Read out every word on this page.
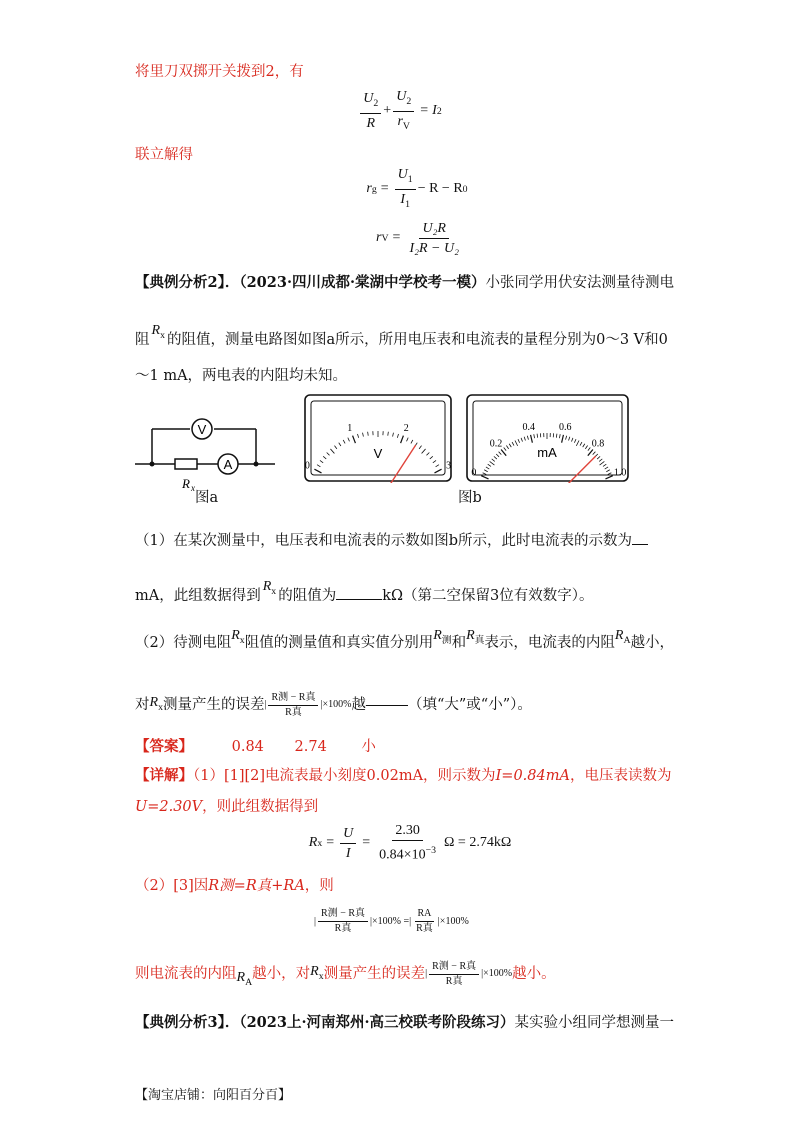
将里刀双掷开关拨到2，有
$\frac{U_2}{R} + \frac{U_2}{r_V} = I$ 2
联立解得
r $g = \frac{U_1}{I_1} - R - R$ 0
r $V = \frac{\text{U₂R}}{\text{I₂R − U₂}}$
【典例分析2】．（2023·四川成都·棠湖中学校考一模）小张同学用伏安法测量待测电
阻$R_x$ 的阻值，测量电路图如图a所示，所用电压表和电流表的量程分别为0～3 V和0
～1 mA，两电表的内阻均未知。
V
A
R x
图a
0
1	2
3
V
0
0.2
0.4 0.6
0.8
1.0
mA
图b
（1）在某次测量中，电压表和电流表的示数如图b所示，此时电流表的示数为
mA，此组数据得到$R_x$ 的阻值为	kΩ（第二空保留3位有效数字）。
（2）待测电阻$R_x$阻值的测量值和真实值分别用$R_测$和$R_真$表示，电流表的内阻$R_A$越小，
对 $R_x$ 测量产生的误差 | $\frac{\text{R测 − R真}}{\text{R真}} |\times 100\%$ 越	（填“大”或“小”）。
【答案】	0.84 2.74 小
【详解】（1）[1][2]电流表最小刻度0.02mA，则示数为I=0.84mA，电压表读数为
U=2.30V，则此组数据得到
R $x = \frac{U}{I} = \frac{2.30}{0.84\times 10^{-3}}$ Ω = 2.74kΩ
（2）[3]因R测=R真+RA，则
| $\frac{\text{R测 − R真}}{\text{R真}} |\times 100\%$ =| $\frac{RA}{\text{R真}} |\times 100\%$
则电流表的内阻 $R_A$ 越小，对 $R_x$ 测量产生的误差 | $\frac{\text{R测 − R真}}{\text{R真}} |\times 100\%$ 越小。
【典例分析3】．（2023上·河南郑州·高三校联考阶段练习）某实验小组同学想测量一
【淘宝店铺：向阳百分百】
